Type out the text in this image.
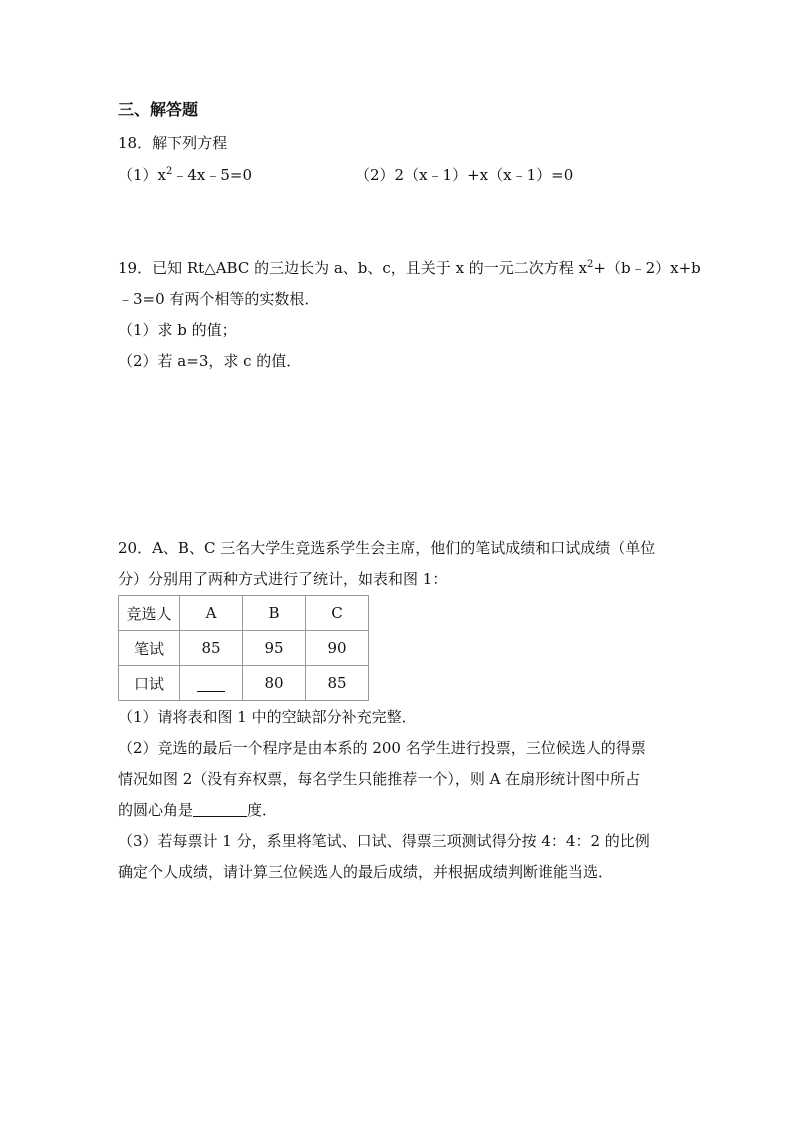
三、解答题
18．解下列方程
$(1)x^2﹣4x﹣5=0$	（2）2（x﹣1）+x（x﹣1）=0
19．已知 Rt△ABC 的三边长为 a、b、c，且关于 x 的一元二次方程 $x^2+(b﹣2)x+b$
﹣3=0 有两个相等的实数根．
（1）求 b 的值；
（2）若 a=3，求 c 的值．
20．A、B、C 三名大学生竞选系学生会主席，他们的笔试成绩和口试成绩（单位
分）分别用了两种方式进行了统计，如表和图 1：
竞选人	A	B	C
笔试	85	95	90
口试		80	85
（1）请将表和图 1 中的空缺部分补充完整．
（2）竞选的最后一个程序是由本系的 200 名学生进行投票，三位候选人的得票
情况如图 2（没有弃权票，每名学生只能推荐一个），则 A 在扇形统计图中所占
的圆心角是	度．
（3）若每票计 1 分，系里将笔试、口试、得票三项测试得分按 4：4：2 的比例
确定个人成绩，请计算三位候选人的最后成绩，并根据成绩判断谁能当选．
